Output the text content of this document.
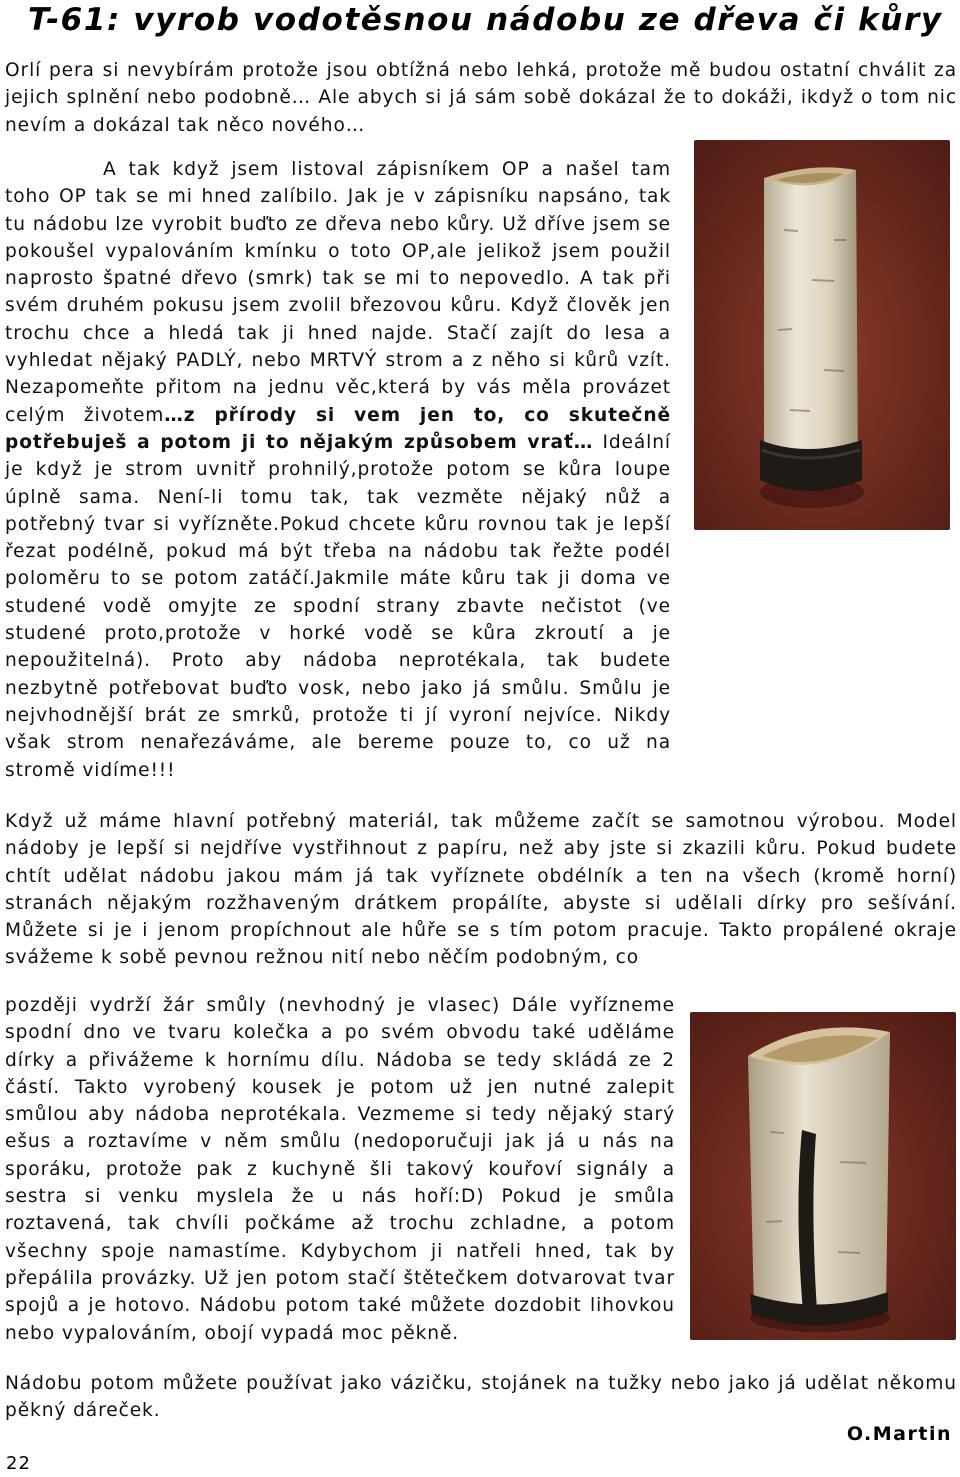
T-61: vyrob vodotěsnou nádobu ze dřeva či kůry

Orlí pera si nevybírám protože jsou obtížná nebo lehká, protože mě budou ostatní chválit za jejich splnění nebo podobně… Ale abych si já sám sobě dokázal že to dokáži, ikdyž o tom nic nevím a dokázal tak něco nového…

A tak když jsem listoval zápisníkem OP a našel tam toho OP tak se mi hned zalíbilo. Jak je v zápisníku napsáno, tak tu nádobu lze vyrobit buďto ze dřeva nebo kůry. Už dříve jsem se pokoušel vypalováním kmínku o toto OP,ale jelikož jsem použil naprosto špatné dřevo (smrk) tak se mi to nepovedlo. A tak při svém druhém pokusu jsem zvolil březovou kůru. Když člověk jen trochu chce a hledá tak ji hned najde. Stačí zajít do lesa a vyhledat nějaký PADLÝ, nebo MRTVÝ strom a z něho si kůrů vzít. Nezapomeňte přitom na jednu věc,která by vás měla provázet celým životem…z přírody si vem jen to, co skutečně potřebuješ a potom ji to nějakým způsobem vrať… Ideální je když je strom uvnitř prohnilý,protože potom se kůra loupe úplně sama. Není-li tomu tak, tak vezměte nějaký nůž a potřebný tvar si vyřízněte.Pokud chcete kůru rovnou tak je lepší řezat podélně, pokud má být třeba na nádobu tak řežte podél poloměru to se potom zatáčí.Jakmile máte kůru tak ji doma ve studené vodě omyjte ze spodní strany zbavte nečistot (ve studené proto,protože v horké vodě se kůra zkroutí a je nepoužitelná). Proto aby nádoba neprotékala, tak budete nezbytně potřebovat buďto vosk, nebo jako já smůlu. Smůlu je nejvhodnější brát ze smrků, protože ti jí vyroní nejvíce. Nikdy však strom nenařezáváme, ale bereme pouze to, co už na stromě vidíme!!!

Když už máme hlavní potřebný materiál, tak můžeme začít se samotnou výrobou. Model nádoby je lepší si nejdříve vystřihnout z papíru, než aby jste si zkazili kůru. Pokud budete chtít udělat nádobu jakou mám já tak vyříznete obdélník a ten na všech (kromě horní) stranách nějakým rozžhaveným drátkem propálíte, abyste si udělali dírky pro sešívání. Můžete si je i jenom propíchnout ale hůře se s tím potom pracuje. Takto propálené okraje svážeme k sobě pevnou režnou nití nebo něčím podobným, co

později vydrží žár smůly (nevhodný je vlasec) Dále vyřízneme spodní dno ve tvaru kolečka a po svém obvodu také uděláme dírky a přivážeme k hornímu dílu. Nádoba se tedy skládá ze 2 částí. Takto vyrobený kousek je potom už jen nutné zalepit smůlou aby nádoba neprotékala. Vezmeme si tedy nějaký starý ešus a roztavíme v něm smůlu (nedoporučuji jak já u nás na sporáku, protože pak z kuchyně šli takový kouřoví signály a sestra si venku myslela že u nás hoří:D) Pokud je smůla roztavená, tak chvíli počkáme až trochu zchladne, a potom všechny spoje namastíme. Kdybychom ji natřeli hned, tak by přepálila provázky. Už jen potom stačí štětečkem dotvarovat tvar spojů a je hotovo. Nádobu potom také můžete dozdobit lihovkou nebo vypalováním, obojí vypadá moc pěkně.

Nádobu potom můžete používat jako vázičku, stojánek na tužky nebo jako já udělat někomu pěkný dáreček.

O.Martin
22
